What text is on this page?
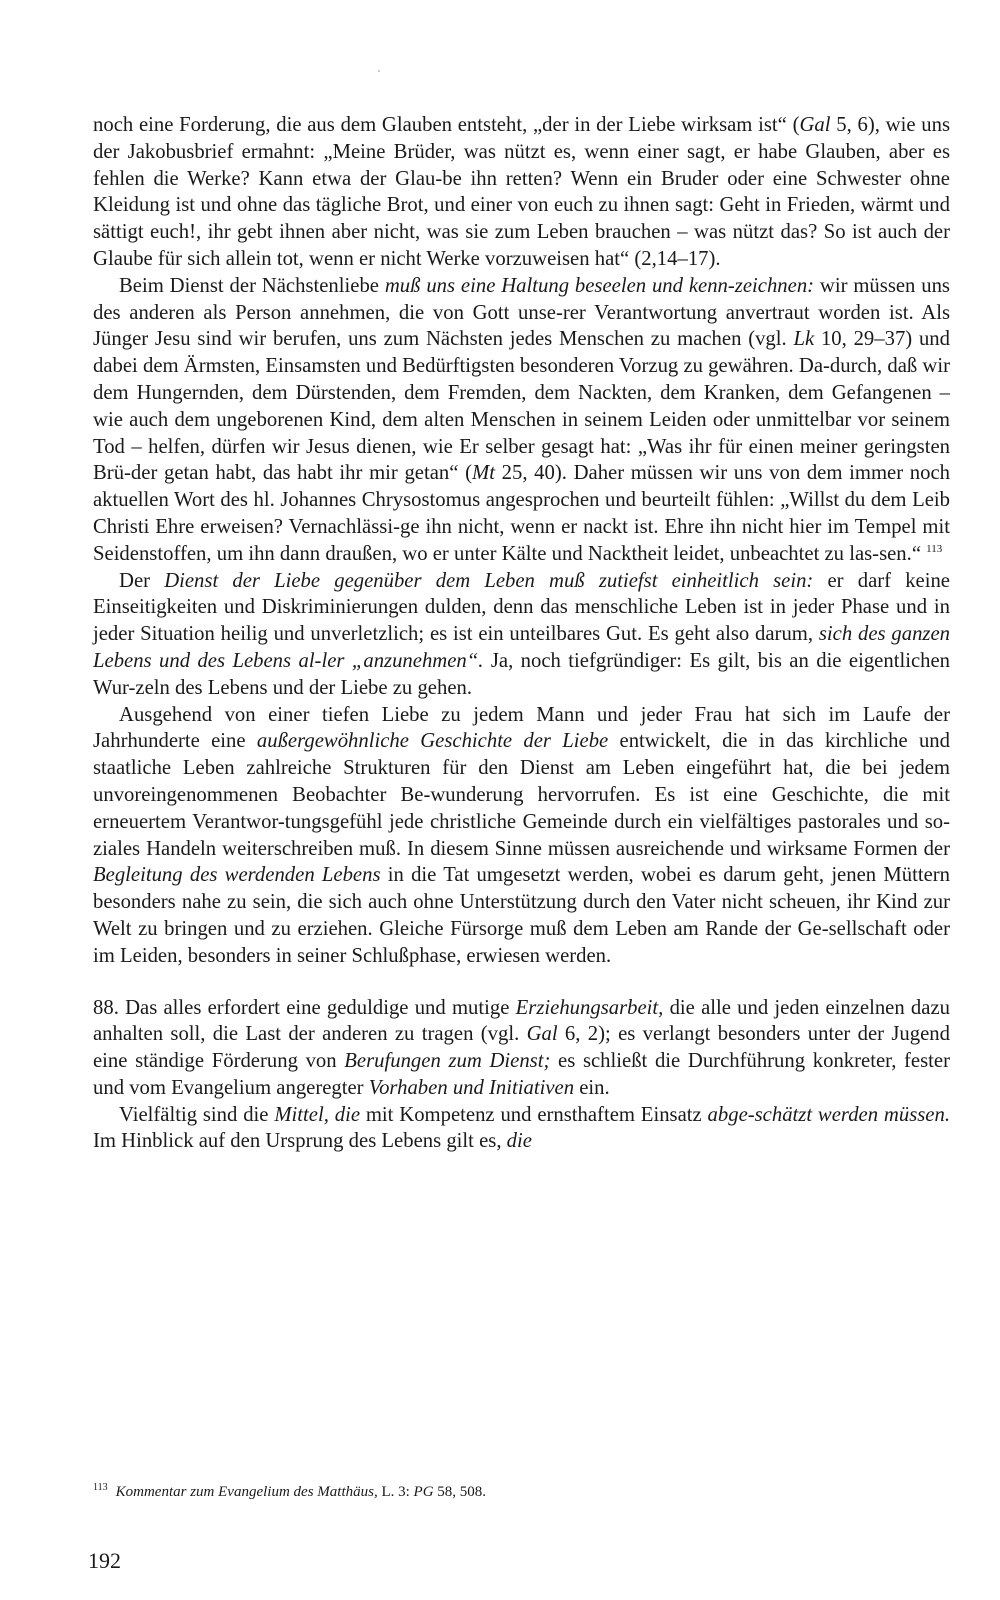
noch eine Forderung, die aus dem Glauben entsteht, „der in der Liebe wirksam ist“ (Gal 5, 6), wie uns der Jakobusbrief ermahnt: „Meine Brüder, was nützt es, wenn einer sagt, er habe Glauben, aber es fehlen die Werke? Kann etwa der Glau-be ihn retten? Wenn ein Bruder oder eine Schwester ohne Kleidung ist und ohne das tägliche Brot, und einer von euch zu ihnen sagt: Geht in Frieden, wärmt und sättigt euch!, ihr gebt ihnen aber nicht, was sie zum Leben brauchen – was nützt das? So ist auch der Glaube für sich allein tot, wenn er nicht Werke vorzuweisen hat“ (2,14–17).

Beim Dienst der Nächstenliebe muß uns eine Haltung beseelen und kenn-zeichnen: wir müssen uns des anderen als Person annehmen, die von Gott unse-rer Verantwortung anvertraut worden ist. Als Jünger Jesu sind wir berufen, uns zum Nächsten jedes Menschen zu machen (vgl. Lk 10, 29–37) und dabei dem Ärmsten, Einsamsten und Bedürftigsten besonderen Vorzug zu gewähren. Da-durch, daß wir dem Hungernden, dem Dürstenden, dem Fremden, dem Nackten, dem Kranken, dem Gefangenen – wie auch dem ungeborenen Kind, dem alten Menschen in seinem Leiden oder unmittelbar vor seinem Tod – helfen, dürfen wir Jesus dienen, wie Er selber gesagt hat: „Was ihr für einen meiner geringsten Brü-der getan habt, das habt ihr mir getan“ (Mt 25, 40). Daher müssen wir uns von dem immer noch aktuellen Wort des hl. Johannes Chrysostomus angesprochen und beurteilt fühlen: „Willst du dem Leib Christi Ehre erweisen? Vernachlässi-ge ihn nicht, wenn er nackt ist. Ehre ihn nicht hier im Tempel mit Seidenstoffen, um ihn dann draußen, wo er unter Kälte und Nacktheit leidet, unbeachtet zu las-sen.“ $^{113}$

Der Dienst der Liebe gegenüber dem Leben muß zutiefst einheitlich sein: er darf keine Einseitigkeiten und Diskriminierungen dulden, denn das menschliche Leben ist in jeder Phase und in jeder Situation heilig und unverletzlich; es ist ein unteilbares Gut. Es geht also darum, sich des ganzen Lebens und des Lebens al-ler „anzunehmen“. Ja, noch tiefgründiger: Es gilt, bis an die eigentlichen Wur-zeln des Lebens und der Liebe zu gehen.

Ausgehend von einer tiefen Liebe zu jedem Mann und jeder Frau hat sich im Laufe der Jahrhunderte eine außergewöhnliche Geschichte der Liebe entwickelt, die in das kirchliche und staatliche Leben zahlreiche Strukturen für den Dienst am Leben eingeführt hat, die bei jedem unvoreingenommenen Beobachter Be-wunderung hervorrufen. Es ist eine Geschichte, die mit erneuertem Verantwor-tungsgefühl jede christliche Gemeinde durch ein vielfältiges pastorales und so-ziales Handeln weiterschreiben muß. In diesem Sinne müssen ausreichende und wirksame Formen der Begleitung des werdenden Lebens in die Tat umgesetzt werden, wobei es darum geht, jenen Müttern besonders nahe zu sein, die sich auch ohne Unterstützung durch den Vater nicht scheuen, ihr Kind zur Welt zu bringen und zu erziehen. Gleiche Fürsorge muß dem Leben am Rande der Ge-sellschaft oder im Leiden, besonders in seiner Schlußphase, erwiesen werden.

88. Das alles erfordert eine geduldige und mutige Erziehungsarbeit, die alle und jeden einzelnen dazu anhalten soll, die Last der anderen zu tragen (vgl. Gal 6, 2); es verlangt besonders unter der Jugend eine ständige Förderung von Berufungen zum Dienst; es schließt die Durchführung konkreter, fester und vom Evangelium angeregter Vorhaben und Initiativen ein.

Vielfältig sind die Mittel, die mit Kompetenz und ernsthaftem Einsatz abge-schätzt werden müssen. Im Hinblick auf den Ursprung des Lebens gilt es, die

$^{113}$ Kommentar zum Evangelium des Matthäus, L. 3: PG 58, 508.
192
